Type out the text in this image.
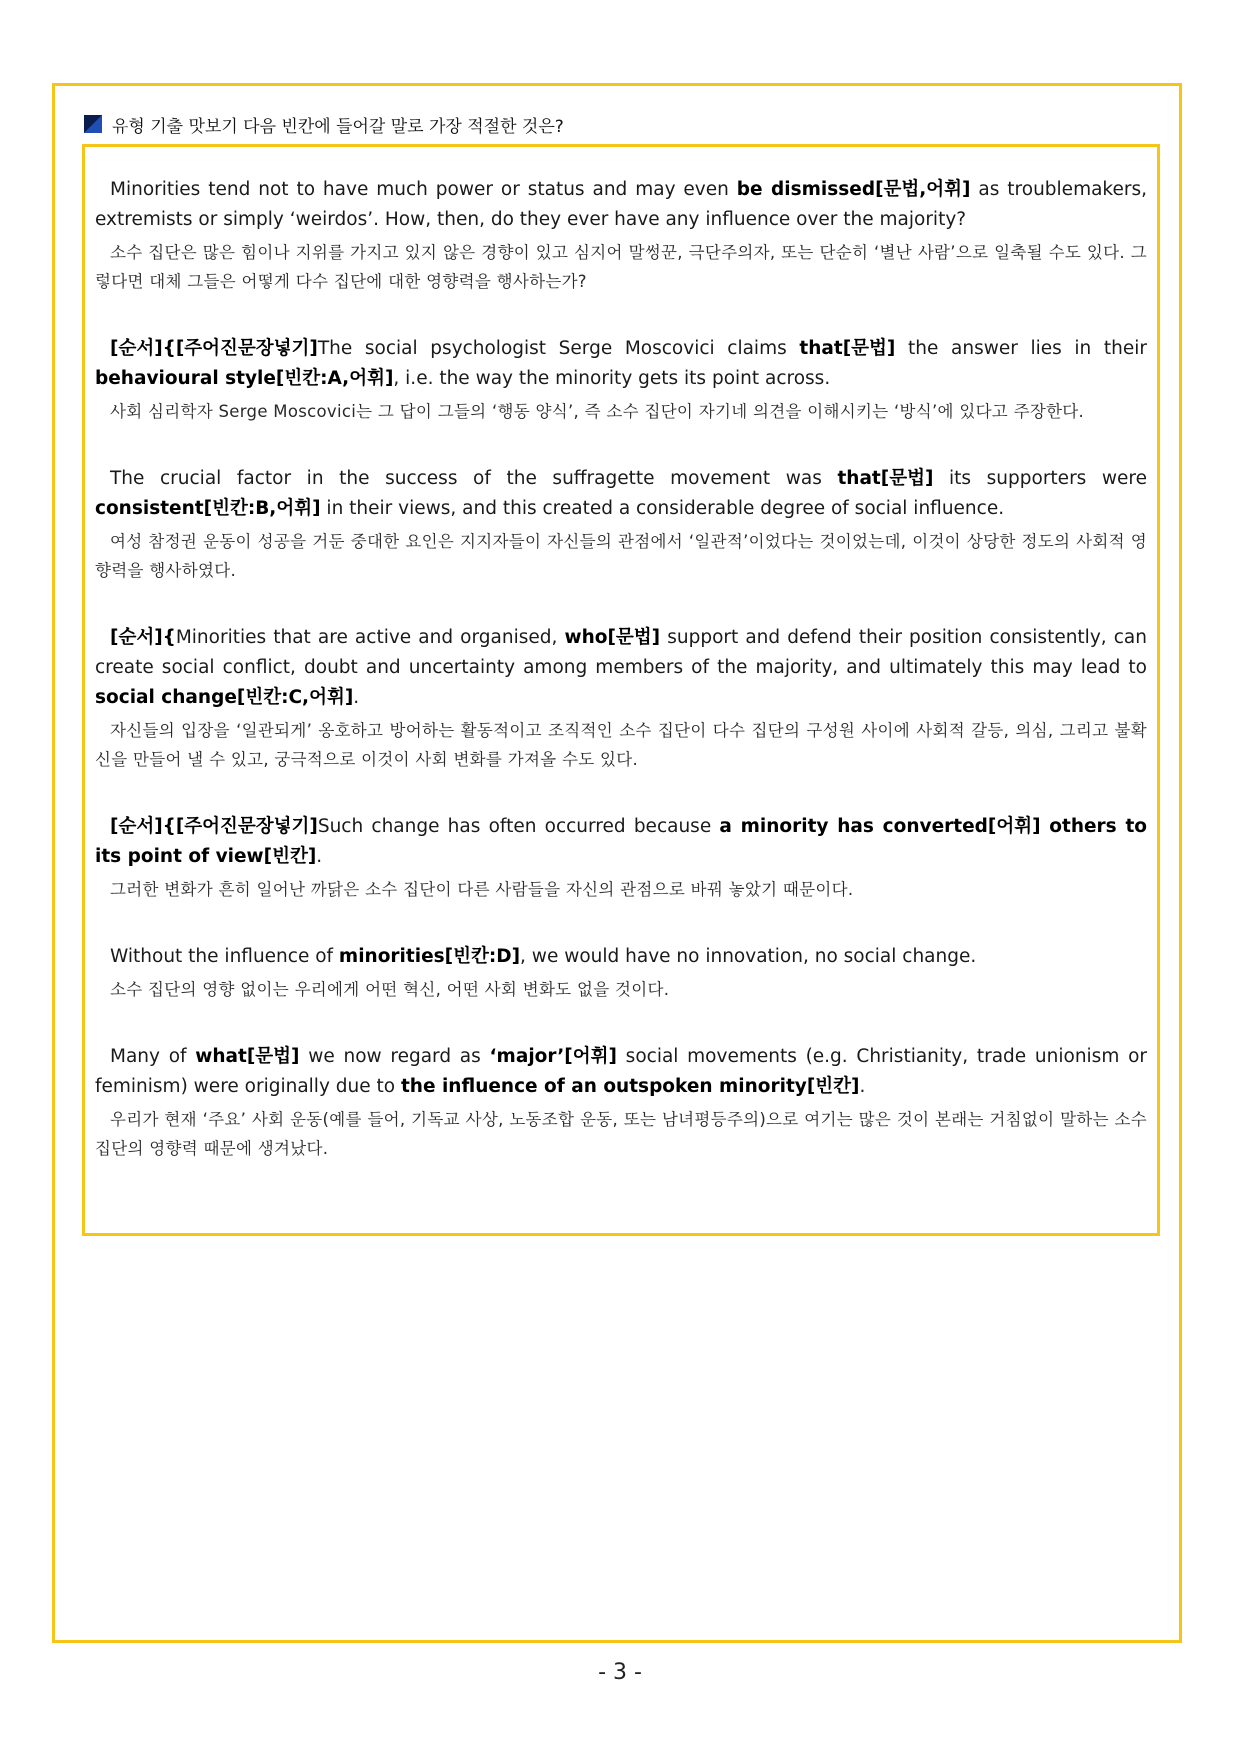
유형 기출 맛보기 다음 빈칸에 들어갈 말로 가장 적절한 것은?

Minorities tend not to have much power or status and may even be dismissed[문법,어휘] as troublemakers, extremists or simply ‘weirdos’. How, then, do they ever have any influence over the majority?

소수 집단은 많은 힘이나 지위를 가지고 있지 않은 경향이 있고 심지어 말썽꾼, 극단주의자, 또는 단순히 ‘별난 사람’으로 일축될 수도 있다. 그렇다면 대체 그들은 어떻게 다수 집단에 대한 영향력을 행사하는가?

[순서]{[주어진문장넣기]The social psychologist Serge Moscovici claims that[문법] the answer lies in their behavioural style[빈칸:A,어휘], i.e. the way the minority gets its point across.

사회 심리학자 Serge Moscovici는 그 답이 그들의 ‘행동 양식’, 즉 소수 집단이 자기네 의견을 이해시키는 ‘방식’에 있다고 주장한다.

The crucial factor in the success of the suffragette movement was that[문법] its supporters were consistent[빈칸:B,어휘] in their views, and this created a considerable degree of social influence.

여성 참정권 운동이 성공을 거둔 중대한 요인은 지지자들이 자신들의 관점에서 ‘일관적’이었다는 것이었는데, 이것이 상당한 정도의 사회적 영향력을 행사하였다.

[순서]{Minorities that are active and organised, who[문법] support and defend their position consistently, can create social conflict, doubt and uncertainty among members of the majority, and ultimately this may lead to social change[빈칸:C,어휘].

자신들의 입장을 ‘일관되게’ 옹호하고 방어하는 활동적이고 조직적인 소수 집단이 다수 집단의 구성원 사이에 사회적 갈등, 의심, 그리고 불확신을 만들어 낼 수 있고, 궁극적으로 이것이 사회 변화를 가져올 수도 있다.

[순서]{[주어진문장넣기]Such change has often occurred because a minority has converted[어휘] others to its point of view[빈칸].

그러한 변화가 흔히 일어난 까닭은 소수 집단이 다른 사람들을 자신의 관점으로 바꿔 놓았기 때문이다.

Without the influence of minorities[빈칸:D], we would have no innovation, no social change.

소수 집단의 영향 없이는 우리에게 어떤 혁신, 어떤 사회 변화도 없을 것이다.

Many of what[문법] we now regard as ‘major’[어휘] social movements (e.g. Christianity, trade unionism or feminism) were originally due to the influence of an outspoken minority[빈칸].

우리가 현재 ‘주요’ 사회 운동(예를 들어, 기독교 사상, 노동조합 운동, 또는 남녀평등주의)으로 여기는 많은 것이 본래는 거침없이 말하는 소수 집단의 영향력 때문에 생겨났다.

- 3 -
